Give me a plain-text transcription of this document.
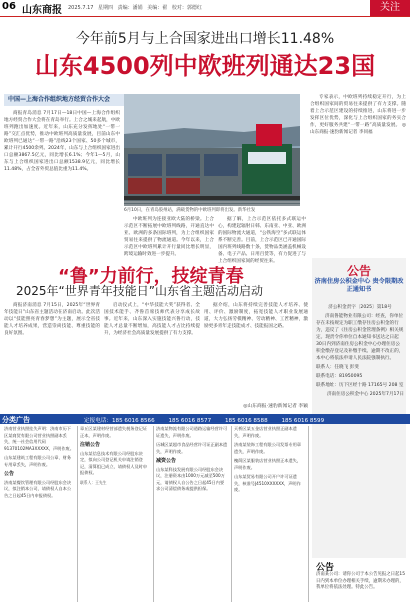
06 山东商报 2025.7.17 星期四 责编：潘娟 美编：翟 校对：郭德红	关注
今年前5月与上合国家进出口增长11.48%
山东4500列中欧班列通达23国
中国—上海合作组织地方经贸合作大会

商报青岛消息 7月17日—18日中国—上海合作组织地方经贸合作大会将在青岛举行。上合之城来起航，中欧班列跑出加速度。近年来，山东充分发挥地处“一带一路”交汇点优势，推动中欧班列高质量发展，目前山东中欧班列已通达“一带一路”沿线23个国家、50多个城市，累计开行4500余列。2024年，山东与上合组织国家进出口总额3867.5亿元，同比增长6.1%；今年1—5月，山东与上合组织国家进出口总额1538.9亿元，同比增长11.48%，占全省外贸总值比重为11.4%。

6月10日，在青岛胶州站，满载货物的中欧班列即将出发。新华社发

中欧班列为连接亚欧大陆的桥梁。上合示范区不断拓展中欧班列线路，开通直达中亚、欧洲的多条国际班列，为上合组织国家贸易往来提供了物流通道。今年以来，上合示范区中欧班列累计开行量同比增长明显，跨境运输时效进一步提升。

据了解，上合示范区依托多式联运中心，构建起辐射日韩、东南亚、中亚、欧洲的国际物流大通道，“公铁海空”多式联运体系不断完善。目前，上合示范区已开通国际国内班列线路数十条，货物品类涵盖机械设备、电子产品、日用百货等，有力促进了与上合组织国家间的经贸往来。

专家表示，中欧班列持续稳定开行，为上合组织国家间的贸易往来提供了有力支撑。随着上合示范区建设的持续推进，山东将进一步发挥区位优势，深化与上合组织国家的务实合作，更好服务共建“一带一路”高质量发展。 ◎山东商报·速豹新闻记者 李同福

公告
济南住房公积金中心 贵令限期改正通知书

济公积金责字〔2025〕第18号

济南鲁能物业有限公司：经查，你单位存在未按规定为职工缴存住房公积金的行为，违反了《住房公积金管理条例》相关规定。现责令你单位自本通知书送达之日起30日内到济南住房公积金中心办理住房公积金缴存登记及补缴手续。逾期不改正的，本中心将依法申请人民法院强制执行。

联系人：任晓飞 彭斐

联系电话：81950095

联系地址：历下区经十路 17165号 208 室

济南住房公积金中心 2025年7月17日

“鲁”力前行，技绽青春
2025年“世界青年技能日”山东省主题活动启动

商报济南消息 7月15日，2025年“世界青年技能日”山东省主题活动在济南启动。此次活动以“技能照亮青春梦想”为主题，展示全省技能人才培养成果，营造崇尚技能、尊重技能的良好氛围。

启动仪式上，“中华技能大奖”获得者、全国技术能手、齐鲁首席技师代表分享成长故事。近年来，山东深入实施技能兴鲁行动，技能人才总量不断增加，高技能人才占比持续提升，为经济社会高质量发展提供了有力支撑。

据介绍，山东将持续完善技能人才培养、使用、评价、激励制度，拓宽技能人才职业发展通道，大力弘扬劳模精神、劳动精神、工匠精神，激励更多青年走技能成才、技能报国之路。

◎山东商报·速豹新闻记者 李颖
分类广告	定报电话：185 6016 8566 185 6016 8577 185 6016 8588 185 6016 8599
济南营业执照挂失声明：济南市历下区某商贸有限公司营业执照副本丢失，统一社会信用代码91370102MA3XXXXX，声明作废。
山东某建筑工程有限公司公章、财务专用章丢失，声明作废。
公告
济南某餐饮管理有限公司经股东会决议，拟注销本公司，请债权人自本公告之日起45日内申报债权。
章丘区某建材经营部遗失税务登记证正本，声明作废。
注销公告
山东某信息技术有限公司经股东决定，拟向公司登记机关申请注销登记，清算组已成立，请债权人及时申报债权。
联系人：王先生
济南某物流有限公司道路运输经营许可证遗失，声明作废。
历城区某超市食品经营许可证正副本遗失，声明作废。
减资公告
山东某科技发展有限公司经股东会决议，注册资本由1000万元减至500万元，请债权人自公告之日起45日内要求公司清偿债务或提供担保。
天桥区某五金店营业执照正副本遗失，声明作废。
济南某装饰工程有限公司发票专用章遗失，声明作废。
槐荫区某服装店营业执照正本遗失，声明作废。
山东某贸易有限公司开户许可证遗失，核准号J4510XXXXXX，声明作废。
公告
济南某公司：请你公司于本公告见报之日起15日内到本单位办理相关手续，逾期未办理的，我单位将依法处理。特此公告。
